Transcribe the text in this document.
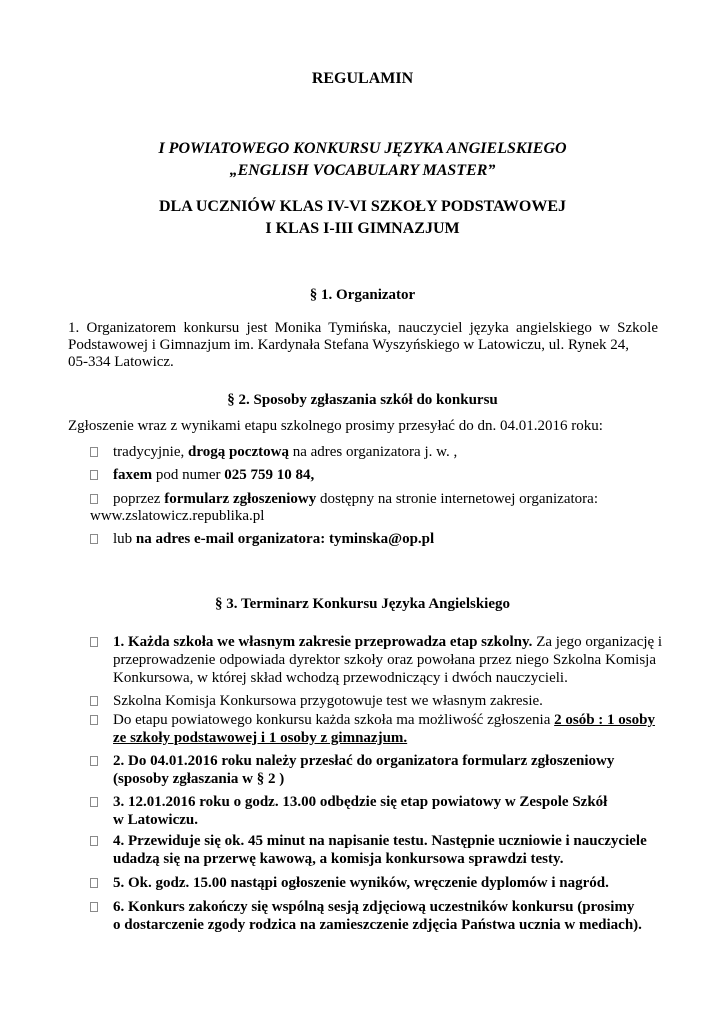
REGULAMIN
I POWIATOWEGO KONKURSU JĘZYKA ANGIELSKIEGO
„ENGLISH VOCABULARY MASTER”
DLA UCZNIÓW KLAS IV-VI SZKOŁY PODSTAWOWEJ
I KLAS I-III GIMNAZJUM
§ 1. Organizator
1. Organizatorem konkursu jest Monika Tymińska, nauczyciel języka angielskiego w Szkole
Podstawowej i Gimnazjum im. Kardynała Stefana Wyszyńskiego w Latowiczu, ul. Rynek 24,
05-334 Latowicz.
§ 2. Sposoby zgłaszania szkół do konkursu
Zgłoszenie wraz z wynikami etapu szkolnego prosimy przesyłać do dn. 04.01.2016 roku:
tradycyjnie, drogą pocztową na adres organizatora j. w. ,
faxem pod numer 025 759 10 84,
poprzez formularz zgłoszeniowy dostępny na stronie internetowej organizatora:
www.zslatowicz.republika.pl
lub na adres e-mail organizatora: tyminska@op.pl
§ 3. Terminarz Konkursu Języka Angielskiego
1. Każda szkoła we własnym zakresie przeprowadza etap szkolny. Za jego organizację i
przeprowadzenie odpowiada dyrektor szkoły oraz powołana przez niego Szkolna Komisja
Konkursowa, w której skład wchodzą przewodniczący i dwóch nauczycieli.
Szkolna Komisja Konkursowa przygotowuje test we własnym zakresie.
Do etapu powiatowego konkursu każda szkoła ma możliwość zgłoszenia 2 osób : 1 osoby
ze szkoły podstawowej i 1 osoby z gimnazjum.
2. Do 04.01.2016 roku należy przesłać do organizatora formularz zgłoszeniowy
(sposoby zgłaszania w § 2 )
3. 12.01.2016 roku o godz. 13.00 odbędzie się etap powiatowy w Zespole Szkół
w Latowiczu.
4. Przewiduje się ok. 45 minut na napisanie testu. Następnie uczniowie i nauczyciele
udadzą się na przerwę kawową, a komisja konkursowa sprawdzi testy.
5. Ok. godz. 15.00 nastąpi ogłoszenie wyników, wręczenie dyplomów i nagród.
6. Konkurs zakończy się wspólną sesją zdjęciową uczestników konkursu (prosimy
o dostarczenie zgody rodzica na zamieszczenie zdjęcia Państwa ucznia w mediach).
